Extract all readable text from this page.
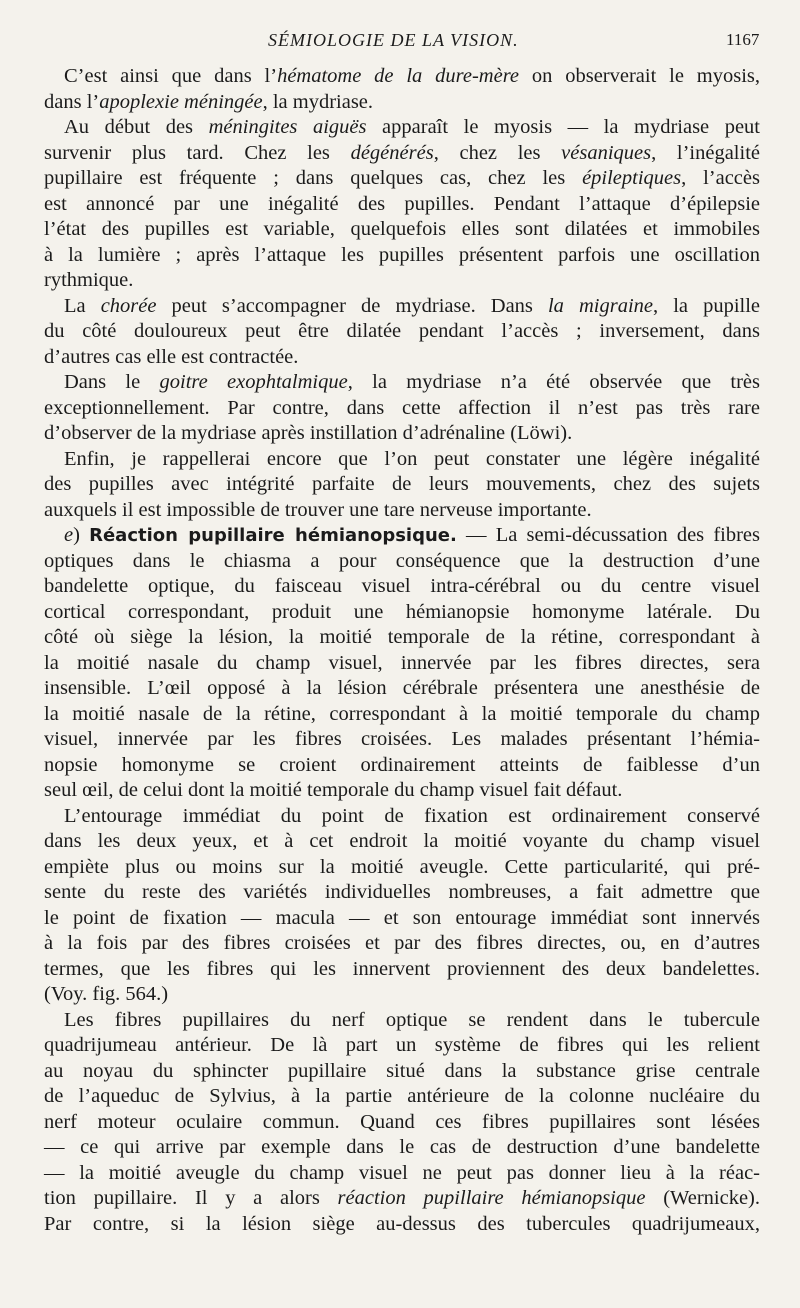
SÉMIOLOGIE DE LA VISION.	1167
C’est ainsi que dans l’hématome de la dure-mère on observerait le myosis,
dans l’apoplexie méningée, la mydriase.
Au début des méningites aiguës apparaît le myosis — la mydriase peut
survenir plus tard. Chez les dégénérés, chez les vésaniques, l’inégalité
pupillaire est fréquente ; dans quelques cas, chez les épileptiques, l’accès
est annoncé par une inégalité des pupilles. Pendant l’attaque d’épilepsie
l’état des pupilles est variable, quelquefois elles sont dilatées et immobiles
à la lumière ; après l’attaque les pupilles présentent parfois une oscillation
rythmique.
La chorée peut s’accompagner de mydriase. Dans la migraine, la pupille
du côté douloureux peut être dilatée pendant l’accès ; inversement, dans
d’autres cas elle est contractée.
Dans le goitre exophtalmique, la mydriase n’a été observée que très
exceptionnellement. Par contre, dans cette affection il n’est pas très rare
d’observer de la mydriase après instillation d’adrénaline (Löwi).
Enfin, je rappellerai encore que l’on peut constater une légère inégalité
des pupilles avec intégrité parfaite de leurs mouvements, chez des sujets
auxquels il est impossible de trouver une tare nerveuse importante.
e) Réaction pupillaire hémianopsique. — La semi-décussation des fibres
optiques dans le chiasma a pour conséquence que la destruction d’une
bandelette optique, du faisceau visuel intra-cérébral ou du centre visuel
cortical correspondant, produit une hémianopsie homonyme latérale. Du
côté où siège la lésion, la moitié temporale de la rétine, correspondant à
la moitié nasale du champ visuel, innervée par les fibres directes, sera
insensible. L’œil opposé à la lésion cérébrale présentera une anesthésie de
la moitié nasale de la rétine, correspondant à la moitié temporale du champ
visuel, innervée par les fibres croisées. Les malades présentant l’hémia-
nopsie homonyme se croient ordinairement atteints de faiblesse d’un
seul œil, de celui dont la moitié temporale du champ visuel fait défaut.
L’entourage immédiat du point de fixation est ordinairement conservé
dans les deux yeux, et à cet endroit la moitié voyante du champ visuel
empiète plus ou moins sur la moitié aveugle. Cette particularité, qui pré-
sente du reste des variétés individuelles nombreuses, a fait admettre que
le point de fixation — macula — et son entourage immédiat sont innervés
à la fois par des fibres croisées et par des fibres directes, ou, en d’autres
termes, que les fibres qui les innervent proviennent des deux bandelettes.
(Voy. fig. 564.)
Les fibres pupillaires du nerf optique se rendent dans le tubercule
quadrijumeau antérieur. De là part un système de fibres qui les relient
au noyau du sphincter pupillaire situé dans la substance grise centrale
de l’aqueduc de Sylvius, à la partie antérieure de la colonne nucléaire du
nerf moteur oculaire commun. Quand ces fibres pupillaires sont lésées
— ce qui arrive par exemple dans le cas de destruction d’une bandelette
— la moitié aveugle du champ visuel ne peut pas donner lieu à la réac-
tion pupillaire. Il y a alors réaction pupillaire hémianopsique (Wernicke).
Par contre, si la lésion siège au-dessus des tubercules quadrijumeaux,
